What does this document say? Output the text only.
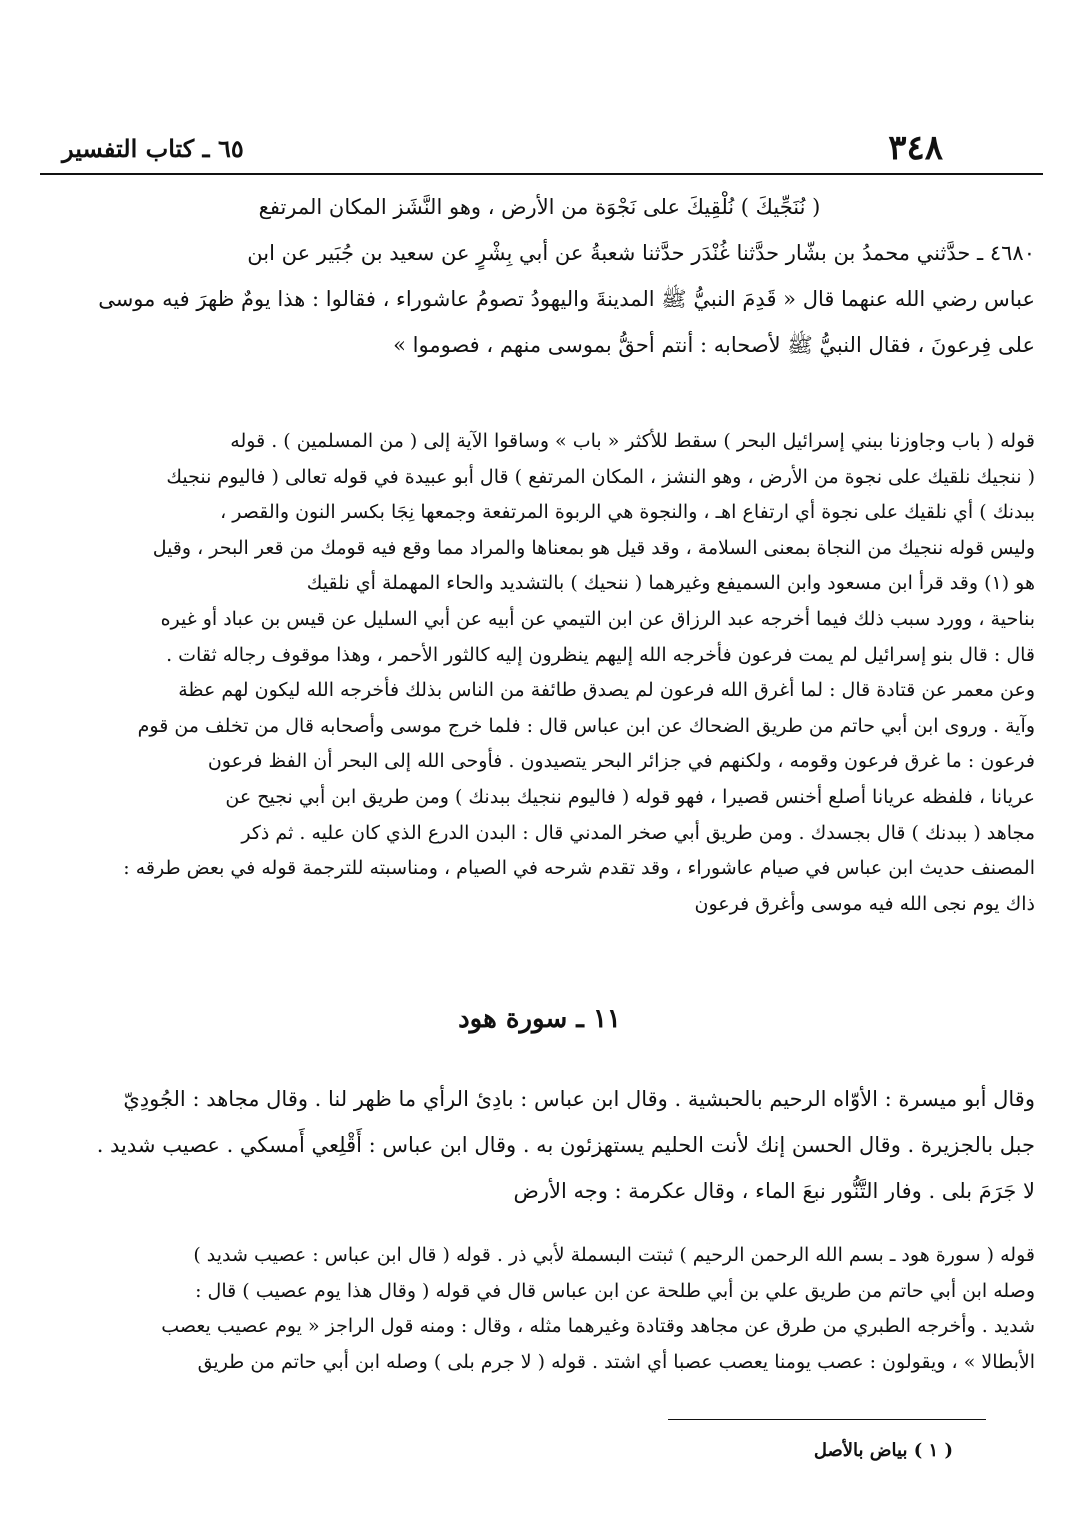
٣٤٨
٦٥ ـ كتاب التفسير
( نُنَجِّيكَ ) نُلْقِيكَ على نَجْوَة من الأرض ، وهو النَّشَز المكان المرتفع
٤٦٨٠ ـ حدَّثني محمدُ بن بشّار حدَّثنا غُنْدَر حدَّثنا شعبةُ عن أبي بِشْرٍ عن سعيد بن جُبَير عن ابن
عباس رضي الله عنهما قال « قَدِمَ النبيُّ ﷺ المدينةَ واليهودُ تصومُ عاشوراء ، فقالوا : هذا يومٌ ظهرَ فيه موسى
على فِرعونَ ، فقال النبيُّ ﷺ لأصحابه : أنتم أحقُّ بموسى منهم ، فصوموا »
قوله ( باب وجاوزنا ببني إسرائيل البحر ) سقط للأكثر « باب » وساقوا الآية إلى ( من المسلمين ) . قوله
( ننجيك نلقيك على نجوة من الأرض ، وهو النشز ، المكان المرتفع ) قال أبو عبيدة في قوله تعالى ( فاليوم ننجيك
ببدنك ) أي نلقيك على نجوة أي ارتفاع اهـ ، والنجوة هي الربوة المرتفعة وجمعها نِجَا بكسر النون والقصر ،
وليس قوله ننجيك من النجاة بمعنى السلامة ، وقد قيل هو بمعناها والمراد مما وقع فيه قومك من قعر البحر ، وقيل
هو (١) وقد قرأ ابن مسعود وابن السميفع وغيرهما ( ننحيك ) بالتشديد والحاء المهملة أي نلقيك
بناحية ، وورد سبب ذلك فيما أخرجه عبد الرزاق عن ابن التيمي عن أبيه عن أبي السليل عن قيس بن عباد أو غيره
قال : قال بنو إسرائيل لم يمت فرعون فأخرجه الله إليهم ينظرون إليه كالثور الأحمر ، وهذا موقوف رجاله ثقات .
وعن معمر عن قتادة قال : لما أغرق الله فرعون لم يصدق طائفة من الناس بذلك فأخرجه الله ليكون لهم عظة
وآية . وروى ابن أبي حاتم من طريق الضحاك عن ابن عباس قال : فلما خرج موسى وأصحابه قال من تخلف من قوم
فرعون : ما غرق فرعون وقومه ، ولكنهم في جزائر البحر يتصيدون . فأوحى الله إلى البحر أن الفظ فرعون
عريانا ، فلفظه عريانا أصلع أخنس قصيرا ، فهو قوله ( فاليوم ننجيك ببدنك ) ومن طريق ابن أبي نجيح عن
مجاهد ( ببدنك ) قال بجسدك . ومن طريق أبي صخر المدني قال : البدن الدرع الذي كان عليه . ثم ذكر
المصنف حديث ابن عباس في صيام عاشوراء ، وقد تقدم شرحه في الصيام ، ومناسبته للترجمة قوله في بعض طرقه :
ذاك يوم نجى الله فيه موسى وأغرق فرعون
١١ ـ سورة هود
وقال أبو ميسرة : الأوّاه الرحيم بالحبشية . وقال ابن عباس : بادِئ الرأي ما ظهر لنا . وقال مجاهد : الجُودِيّ
جبل بالجزيرة . وقال الحسن إنك لأنت الحليم يستهزئون به . وقال ابن عباس : أَقْلِعي أَمسكي . عصيب شديد .
لا جَرَمَ بلى . وفار التَّنُّور نبعَ الماء ، وقال عكرمة : وجه الأرض
قوله ( سورة هود ـ بسم الله الرحمن الرحيم ) ثبتت البسملة لأبي ذر . قوله ( قال ابن عباس : عصيب شديد )
وصله ابن أبي حاتم من طريق علي بن أبي طلحة عن ابن عباس قال في قوله ( وقال هذا يوم عصيب ) قال :
شديد . وأخرجه الطبري من طرق عن مجاهد وقتادة وغيرهما مثله ، وقال : ومنه قول الراجز « يوم عصيب يعصب
الأبطالا » ، ويقولون : عصب يومنا يعصب عصبا أي اشتد . قوله ( لا جرم بلى ) وصله ابن أبي حاتم من طريق
( ١ ) بياض بالأصل
